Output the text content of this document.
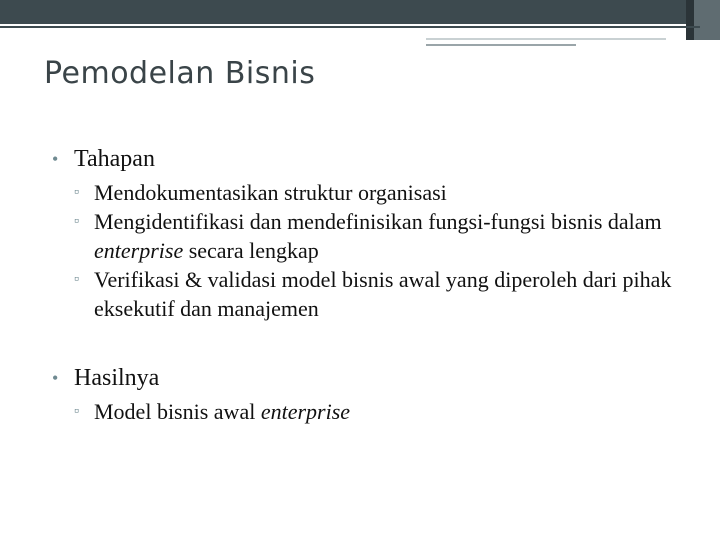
Pemodelan Bisnis
• Tahapan
▫ Mendokumentasikan struktur organisasi
▫ Mengidentifikasi dan mendefinisikan fungsi-fungsi bisnis dalam enterprise secara lengkap
▫ Verifikasi & validasi model bisnis awal yang diperoleh dari pihak eksekutif dan manajemen
• Hasilnya
▫ Model bisnis awal enterprise
